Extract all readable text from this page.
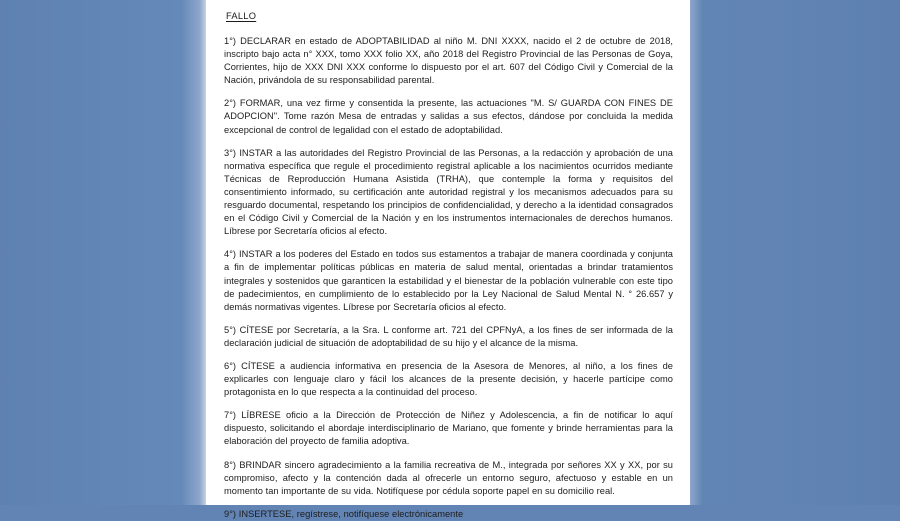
FALLO

1°) DECLARAR en estado de ADOPTABILIDAD al niño M. DNI XXXX, nacido el 2 de octubre de 2018, inscripto bajo acta n° XXX, tomo XXX folio XX, año 2018 del Registro Provincial de las Personas de Goya, Corrientes, hijo de XXX DNI XXX conforme lo dispuesto por el art. 607 del Código Civil y Comercial de la Nación, privándola de su responsabilidad parental.

2°) FORMAR, una vez firme y consentida la presente, las actuaciones "M. S/ GUARDA CON FINES DE ADOPCION". Tome razón Mesa de entradas y salidas a sus efectos, dándose por concluida la medida excepcional de control de legalidad con el estado de adoptabilidad.

3°) INSTAR a las autoridades del Registro Provincial de las Personas, a la redacción y aprobación de una normativa específica que regule el procedimiento registral aplicable a los nacimientos ocurridos mediante Técnicas de Reproducción Humana Asistida (TRHA), que contemple la forma y requisitos del consentimiento informado, su certificación ante autoridad registral y los mecanismos adecuados para su resguardo documental, respetando los principios de confidencialidad, y derecho a la identidad consagrados en el Código Civil y Comercial de la Nación y en los instrumentos internacionales de derechos humanos. Líbrese por Secretaría oficios al efecto.

4°) INSTAR a los poderes del Estado en todos sus estamentos a trabajar de manera coordinada y conjunta a fin de implementar políticas públicas en materia de salud mental, orientadas a brindar tratamientos integrales y sostenidos que garanticen la estabilidad y el bienestar de la población vulnerable con este tipo de padecimientos, en cumplimiento de lo establecido por la Ley Nacional de Salud Mental N. ° 26.657 y demás normativas vigentes. Líbrese por Secretaría oficios al efecto.

5°) CÍTESE por Secretaría, a la Sra. L conforme art. 721 del CPFNyA, a los fines de ser informada de la declaración judicial de situación de adoptabilidad de su hijo y el alcance de la misma.

6°) CÍTESE a audiencia informativa en presencia de la Asesora de Menores, al niño, a los fines de explicarles con lenguaje claro y fácil los alcances de la presente decisión, y hacerle partícipe como protagonista en lo que respecta a la continuidad del proceso.

7°) LÍBRESE oficio a la Dirección de Protección de Niñez y Adolescencia, a fin de notificar lo aquí dispuesto, solicitando el abordaje interdisciplinario de Mariano, que fomente y brinde herramientas para la elaboración del proyecto de familia adoptiva.

8°) BRINDAR sincero agradecimiento a la familia recreativa de M., integrada por señores XX y XX, por su compromiso, afecto y la contención dada al ofrecerle un entorno seguro, afectuoso y estable en un momento tan importante de su vida. Notifíquese por cédula soporte papel en su domicilio real.

9°) INSERTESE, regístrese, notifíquese electrónicamente
